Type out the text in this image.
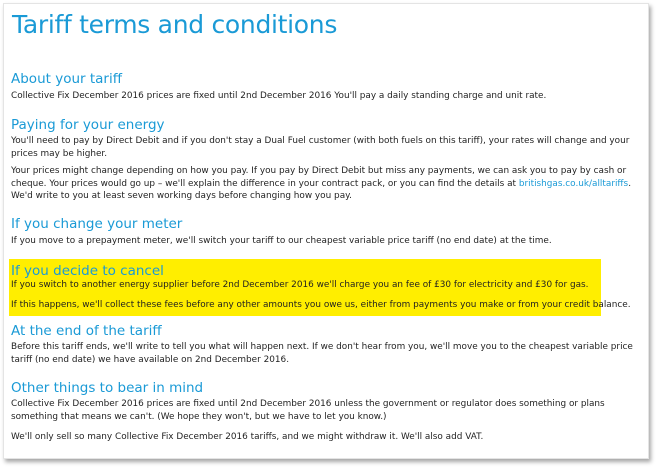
Tariff terms and conditions
About your tariff

Collective Fix December 2016 prices are fixed until 2nd December 2016 You'll pay a daily standing charge and unit rate.

Paying for your energy

You'll need to pay by Direct Debit and if you don't stay a Dual Fuel customer (with both fuels on this tariff), your rates will change and your prices may be higher.

Your prices might change depending on how you pay. If you pay by Direct Debit but miss any payments, we can ask you to pay by cash or cheque. Your prices would go up – we'll explain the difference in your contract pack, or you can find the details at britishgas.co.uk/alltariffs. We'd write to you at least seven working days before changing how you pay.

If you change your meter

If you move to a prepayment meter, we'll switch your tariff to our cheapest variable price tariff (no end date) at the time.

If you decide to cancel

If you switch to another energy supplier before 2nd December 2016 we'll charge you an fee of £30 for electricity and £30 for gas.

If this happens, we'll collect these fees before any other amounts you owe us, either from payments you make or from your credit balance.

At the end of the tariff

Before this tariff ends, we'll write to tell you what will happen next. If we don't hear from you, we'll move you to the cheapest variable price tariff (no end date) we have available on 2nd December 2016.

Other things to bear in mind

Collective Fix December 2016 prices are fixed until 2nd December 2016 unless the government or regulator does something or plans something that means we can't. (We hope they won't, but we have to let you know.)

We'll only sell so many Collective Fix December 2016 tariffs, and we might withdraw it. We'll also add VAT.
